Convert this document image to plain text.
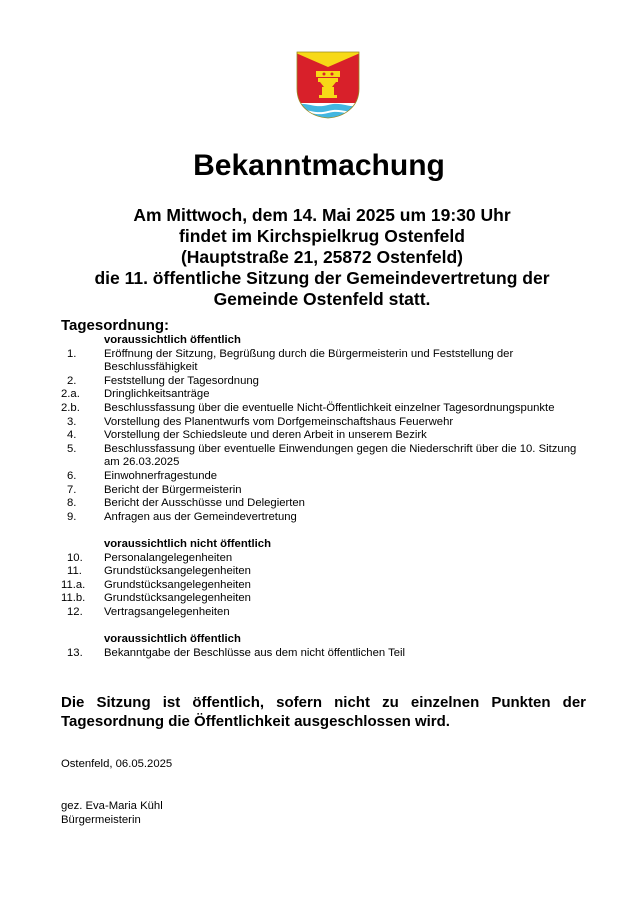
Bekanntmachung
Am Mittwoch, dem 14. Mai 2025 um 19:30 Uhr
findet im Kirchspielkrug Ostenfeld
(Hauptstraße 21, 25872 Ostenfeld)
die 11. öffentliche Sitzung der Gemeindevertretung der
Gemeinde Ostenfeld statt.
Tagesordnung:
voraussichtlich öffentlich
1.	Eröffnung der Sitzung, Begrüßung durch die Bürgermeisterin und Feststellung der Beschlussfähigkeit
2.	Feststellung der Tagesordnung
2.a.	Dringlichkeitsanträge
2.b.	Beschlussfassung über die eventuelle Nicht-Öffentlichkeit einzelner Tagesordnungspunkte
3.	Vorstellung des Planentwurfs vom Dorfgemeinschaftshaus Feuerwehr
4.	Vorstellung der Schiedsleute und deren Arbeit in unserem Bezirk
5.	Beschlussfassung über eventuelle Einwendungen gegen die Niederschrift über die 10. Sitzung am 26.03.2025
6.	Einwohnerfragestunde
7.	Bericht der Bürgermeisterin
8.	Bericht der Ausschüsse und Delegierten
9.	Anfragen aus der Gemeindevertretung
voraussichtlich nicht öffentlich
10.	Personalangelegenheiten
11.	Grundstücksangelegenheiten
11.a.	Grundstücksangelegenheiten
11.b.	Grundstücksangelegenheiten
12.	Vertragsangelegenheiten
voraussichtlich öffentlich
13.	Bekanntgabe der Beschlüsse aus dem nicht öffentlichen Teil
Die Sitzung ist öffentlich, sofern nicht zu einzelnen Punkten der
Tagesordnung die Öffentlichkeit ausgeschlossen wird.
Ostenfeld, 06.05.2025
gez. Eva-Maria Kühl
Bürgermeisterin
